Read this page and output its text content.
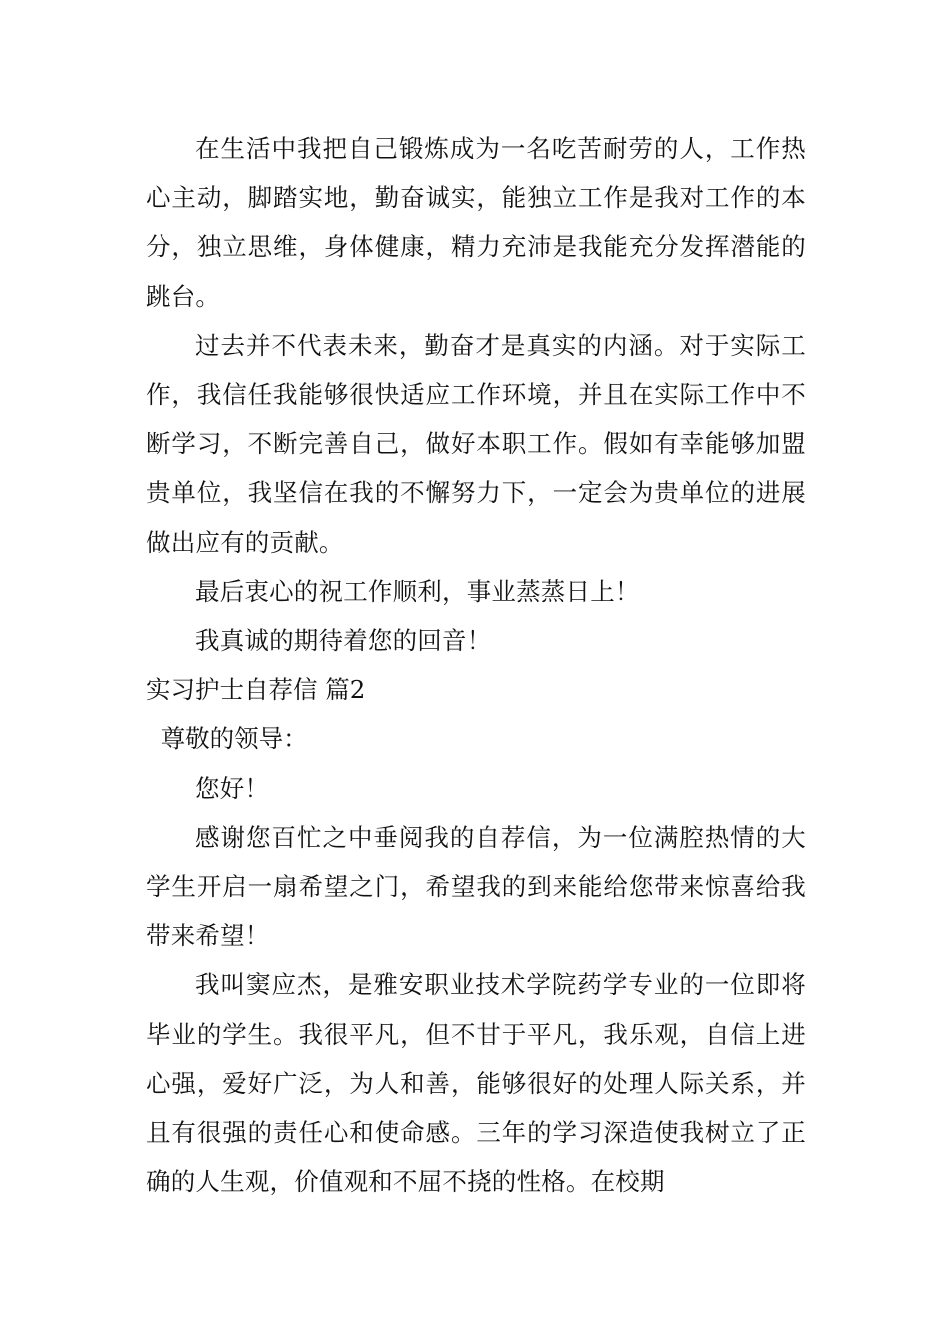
在生活中我把自己锻炼成为一名吃苦耐劳的人，工作热心主动，脚踏实地，勤奋诚实，能独立工作是我对工作的本分，独立思维，身体健康，精力充沛是我能充分发挥潜能的跳台。

过去并不代表未来，勤奋才是真实的内涵。对于实际工作，我信任我能够很快适应工作环境，并且在实际工作中不断学习，不断完善自己，做好本职工作。假如有幸能够加盟贵单位，我坚信在我的不懈努力下，一定会为贵单位的进展做出应有的贡献。

最后衷心的祝工作顺利，事业蒸蒸日上！

我真诚的期待着您的回音！

实习护士自荐信 篇2

尊敬的领导：

您好！

感谢您百忙之中垂阅我的自荐信，为一位满腔热情的大学生开启一扇希望之门，希望我的到来能给您带来惊喜给我带来希望！

我叫窦应杰，是雅安职业技术学院药学专业的一位即将毕业的学生。我很平凡，但不甘于平凡，我乐观，自信上进心强，爱好广泛，为人和善，能够很好的处理人际关系，并且有很强的责任心和使命感。三年的学习深造使我树立了正确的人生观，价值观和不屈不挠的性格。在校期
